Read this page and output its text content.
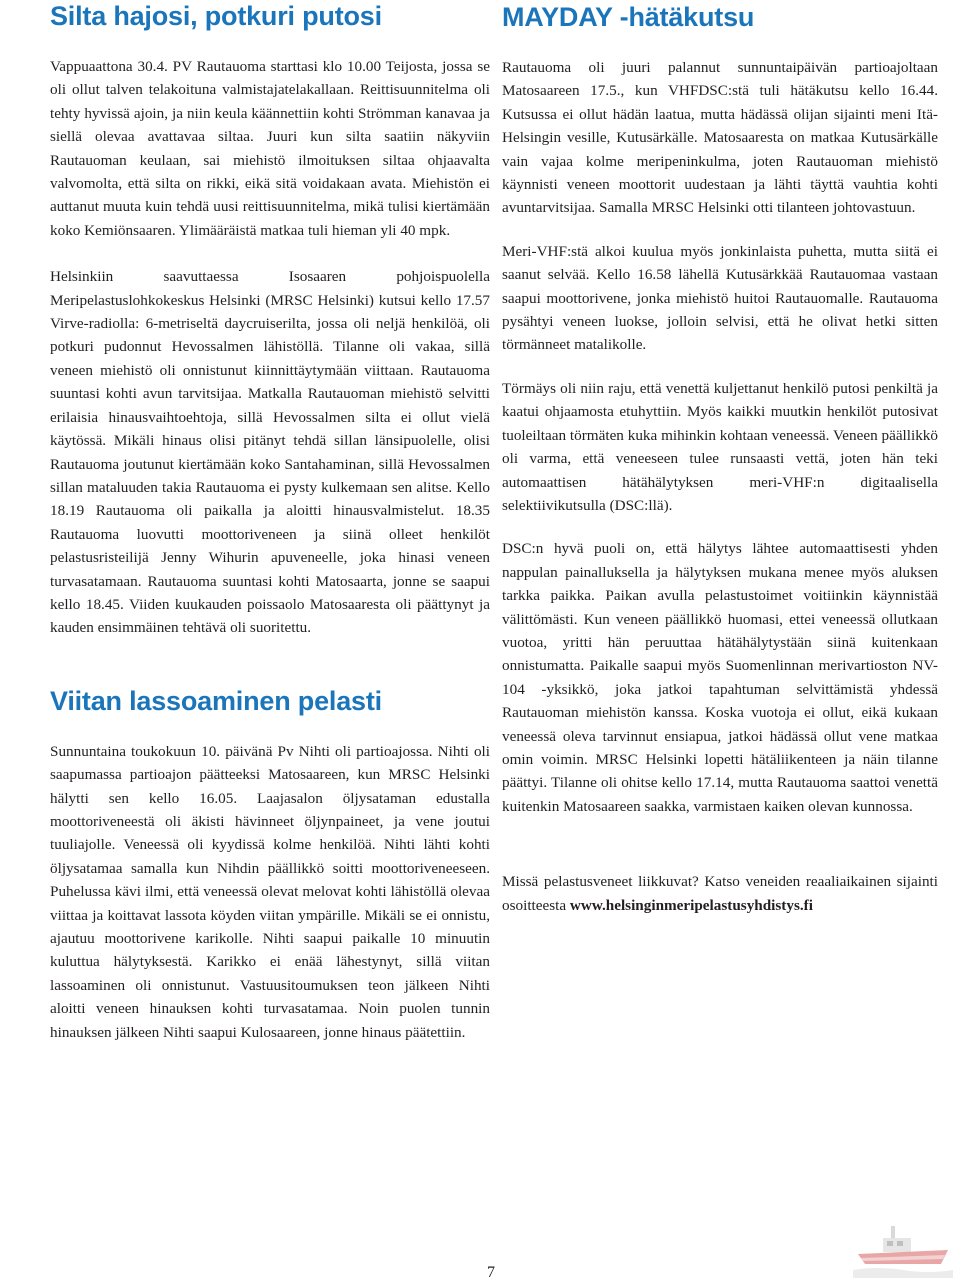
Silta hajosi, potkuri putosi

Vappuaattona 30.4. PV Rautauoma starttasi klo 10.00 Teijosta, jossa se oli ollut talven telakoituna valmistajatelakallaan. Reittisuunnitelma oli tehty hyvissä ajoin, ja niin keula käännettiin kohti Strömman kanavaa ja siellä olevaa avattavaa siltaa. Juuri kun silta saatiin näkyviin Rautauoman keulaan, sai miehistö ilmoituksen siltaa ohjaavalta valvomolta, että silta on rikki, eikä sitä voidakaan avata. Miehistön ei auttanut muuta kuin tehdä uusi reittisuunnitelma, mikä tulisi kiertämään koko Kemiönsaaren. Ylimääräistä matkaa tuli hieman yli 40 mpk.

Helsinkiin saavuttaessa Isosaaren pohjoispuolella Meripelastuslohkokeskus Helsinki (MRSC Helsinki) kutsui kello 17.57 Virve-radiolla: 6-metriseltä daycruiserilta, jossa oli neljä henkilöä, oli potkuri pudonnut Hevossalmen lähistöllä. Tilanne oli vakaa, sillä veneen miehistö oli onnistunut kiinnittäytymään viittaan. Rautauoma suuntasi kohti avun tarvitsijaa. Matkalla Rautauoman miehistö selvitti erilaisia hinausvaihtoehtoja, sillä Hevossalmen silta ei ollut vielä käytössä. Mikäli hinaus olisi pitänyt tehdä sillan länsipuolelle, olisi Rautauoma joutunut kiertämään koko Santahaminan, sillä Hevossalmen sillan mataluuden takia Rautauoma ei pysty kulkemaan sen alitse. Kello 18.19 Rautauoma oli paikalla ja aloitti hinausvalmistelut. 18.35 Rautauoma luovutti moottoriveneen ja siinä olleet henkilöt pelastusristeilijä Jenny Wihurin apuveneelle, joka hinasi veneen turvasatamaan. Rautauoma suuntasi kohti Matosaarta, jonne se saapui kello 18.45. Viiden kuukauden poissaolo Matosaaresta oli päättynyt ja kauden ensimmäinen tehtävä oli suoritettu.

Viitan lassoaminen pelasti

Sunnuntaina toukokuun 10. päivänä Pv Nihti oli partioajossa. Nihti oli saapumassa partioajon päätteeksi Matosaareen, kun MRSC Helsinki hälytti sen kello 16.05. Laajasalon öljysataman edustalla moottoriveneestä oli äkisti hävinneet öljynpaineet, ja vene joutui tuuliajolle. Veneessä oli kyydissä kolme henkilöä. Nihti lähti kohti öljysatamaa samalla kun Nihdin päällikkö soitti moottoriveneeseen. Puhelussa kävi ilmi, että veneessä olevat melovat kohti lähistöllä olevaa viittaa ja koittavat lassota köyden viitan ympärille. Mikäli se ei onnistu, ajautuu moottorivene karikolle. Nihti saapui paikalle 10 minuutin kuluttua hälytyksestä. Karikko ei enää lähestynyt, sillä viitan lassoaminen oli onnistunut. Vastuusitoumuksen teon jälkeen Nihti aloitti veneen hinauksen kohti turvasatamaa. Noin puolen tunnin hinauksen jälkeen Nihti saapui Kulosaareen, jonne hinaus päätettiin.

MAYDAY -hätäkutsu

Rautauoma oli juuri palannut sunnuntaipäivän partioajoltaan Matosaareen 17.5., kun VHFDSC:stä tuli hätäkutsu kello 16.44. Kutsussa ei ollut hädän laatua, mutta hädässä olijan sijainti meni Itä-Helsingin vesille, Kutusärkälle. Matosaaresta on matkaa Kutusärkälle vain vajaa kolme meripeninkulma, joten Rautauoman miehistö käynnisti veneen moottorit uudestaan ja lähti täyttä vauhtia kohti avuntarvitsijaa. Samalla MRSC Helsinki otti tilanteen johtovastuun.

Meri-VHF:stä alkoi kuulua myös jonkinlaista puhetta, mutta siitä ei saanut selvää. Kello 16.58 lähellä Kutusärkkää Rautauomaa vastaan saapui moottorivene, jonka miehistö huitoi Rautauomalle. Rautauoma pysähtyi veneen luokse, jolloin selvisi, että he olivat hetki sitten törmänneet matalikolle.

Törmäys oli niin raju, että venettä kuljettanut henkilö putosi penkiltä ja kaatui ohjaamosta etuhyttiin. Myös kaikki muutkin henkilöt putosivat tuoleiltaan törmäten kuka mihinkin kohtaan veneessä. Veneen päällikkö oli varma, että veneeseen tulee runsaasti vettä, joten hän teki automaattisen hätähälytyksen meri-VHF:n digitaalisella selektiivikutsulla (DSC:llä).

DSC:n hyvä puoli on, että hälytys lähtee automaattisesti yhden nappulan painalluksella ja hälytyksen mukana menee myös aluksen tarkka paikka. Paikan avulla pelastustoimet voitiinkin käynnistää välittömästi. Kun veneen päällikkö huomasi, ettei veneessä ollutkaan vuotoa, yritti hän peruuttaa hätähälytystään siinä kuitenkaan onnistumatta. Paikalle saapui myös Suomenlinnan merivartioston NV-104 -yksikkö, joka jatkoi tapahtuman selvittämistä yhdessä Rautauoman miehistön kanssa. Koska vuotoja ei ollut, eikä kukaan veneessä oleva tarvinnut ensiapua, jatkoi hädässä ollut vene matkaa omin voimin. MRSC Helsinki lopetti hätäliikenteen ja näin tilanne päättyi. Tilanne oli ohitse kello 17.14, mutta Rautauoma saattoi venettä kuitenkin Matosaareen saakka, varmistaen kaiken olevan kunnossa.

Missä pelastusveneet liikkuvat? Katso veneiden reaaliaikainen sijainti osoitteesta www.helsinginmeripelastusyhdistys.fi

7
